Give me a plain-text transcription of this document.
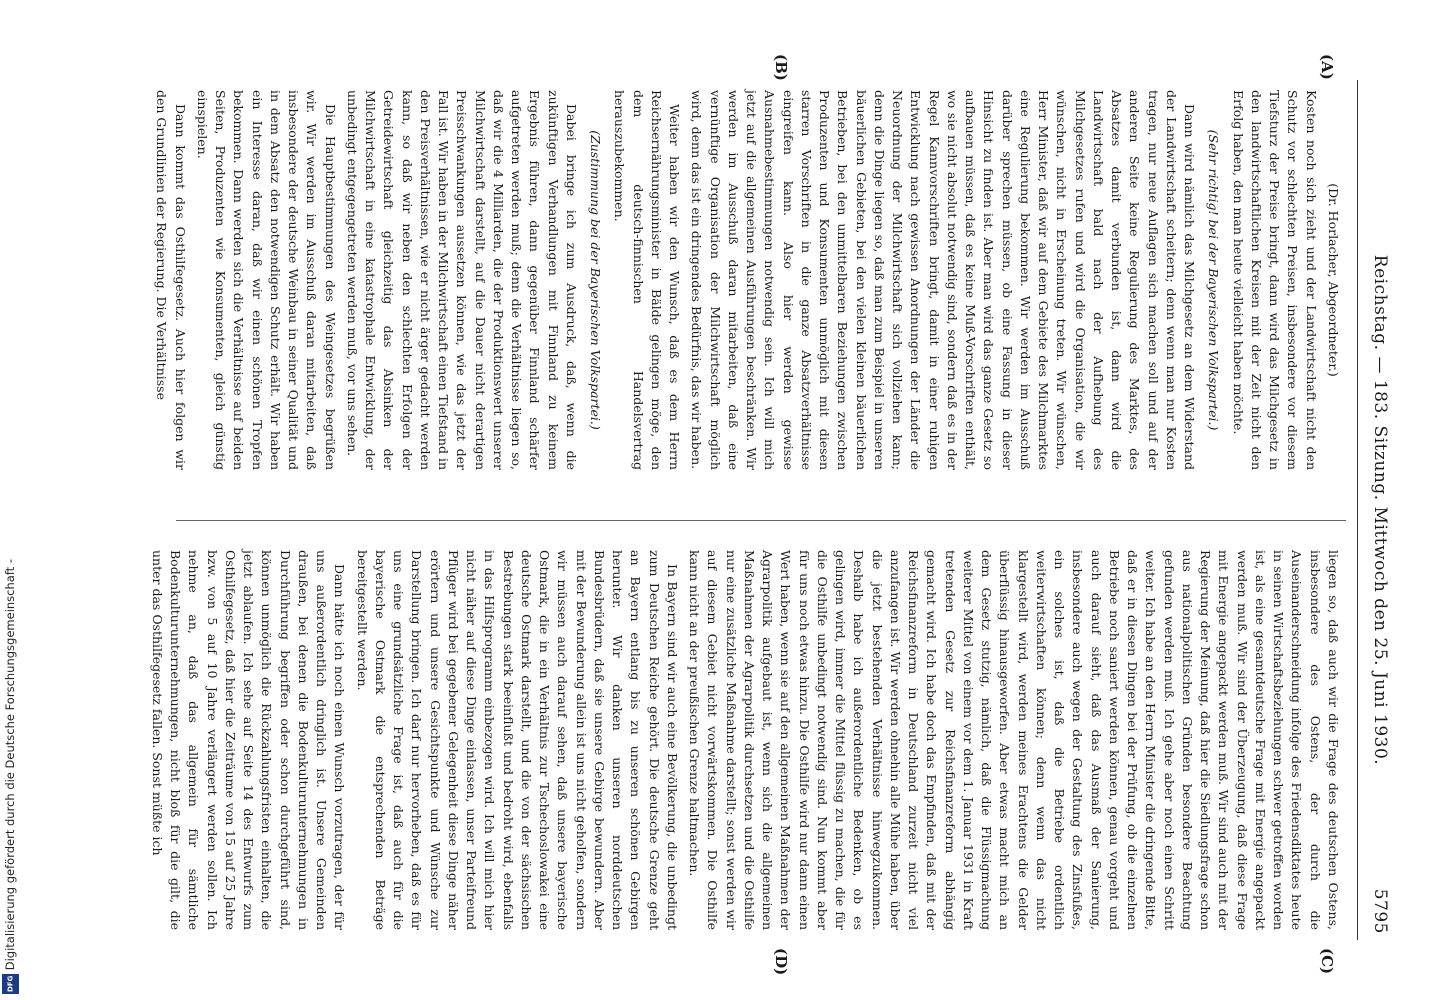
Digitalisierung gefördert durch die Deutsche Forschungsgemeinschaft -
DFG
Reichstag. — 183. Sitzung. Mittwoch den 25. Juni 1930.
5795
(A)
(B)
(C)
(D)
(Dr. Horlacher, Abgeordneter.)

Kosten noch sich zieht und der Landwirtschaft nicht den Schutz vor schlechten Preisen, insbesondere vor diesem Tiefsturz der Preise bringt, dann wird das Milchgesetz in den landwirtschaftlichen Kreisen mit der Zeit nicht den Erfolg haben, den man heute vielleicht haben möchte.

(Sehr richtig! bei der Bayerischen Volkspartei.)

Dann wird nämlich das Milchgesetz an dem Widerstand der Landwirtschaft scheitern; denn wenn man nur Kosten tragen, nur neue Auflagen sich machen soll und auf der anderen Seite keine Regulierung des Marktes, des Absatzes damit verbunden ist, dann wird die Landwirtschaft bald nach der Aufhebung des Milchgesetzes rufen und wird die Organisation, die wir wünschen, nicht in Erscheinung treten. Wir wünschen, Herr Minister, daß wir auf dem Gebiete des Milchmarktes eine Regulierung bekommen. Wir werden im Ausschuß darüber sprechen müssen, ob eine Fassung in dieser Hinsicht zu finden ist. Aber man wird das ganze Gesetz so aufbauen müssen, daß es keine Muß-Vorschriften enthält, wo sie nicht absolut notwendig sind, sondern daß es in der Regel Kannvorschriften bringt, damit in einer ruhigen Entwicklung nach gewissen Anordnungen der Länder die Neuordnung der Milchwirtschaft sich vollziehen kann; denn die Dinge liegen so, daß man zum Beispiel in unseren bäuerlichen Gebieten, bei den vielen kleinen bäuerlichen Betrieben, bei den unmittelbaren Beziehungen zwischen Produzenten und Konsumenten unmöglich mit diesen starren Vorschriften in die ganze Absatzverhältnisse eingreifen kann. Also hier werden gewisse Ausnahmebestimmungen notwendig sein. Ich will mich jetzt auf die allgemeinen Ausführungen beschränken. Wir werden im Ausschuß daran mitarbeiten, daß eine vernünftige Organisation der Milchwirtschaft möglich wird, denn das ist ein dringendes Bedürfnis, das wir haben.

Weiter haben wir den Wunsch, daß es dem Herrn Reichsernährungsminister in Bälde gelingen möge, den dem deutsch-finnischen Handelsvertrag herauszubekommen.

(Zustimmung bei der Bayerischen Volkspartei.)

Dabei bringe ich zum Ausdruck, daß, wenn die zukünftigen Verhandlungen mit Finnland zu keinem Ergebnis führen, dann gegenüber Finnland schärfer aufgetreten werden muß; denn die Verhältnisse liegen so, daß wir die 4 Milliarden, die der Produktionswert unserer Milchwirtschaft darstellt, auf die Dauer nicht derartigen Preisschwankungen aussetzen können, wie das jetzt der Fall ist. Wir haben in der Milchwirtschaft einen Tiefstand in den Preisverhältnissen, wie er nicht ärger gedacht werden kann, so daß wir neben den schlechten Erfolgen der Getreidewirtschaft gleichzeitig das Absinken der Milchwirtschaft in eine katastrophale Entwicklung, der unbedingt entgegengetreten werden muß, vor uns sehen.

Die Hauptbestimmungen des Weingesetzes begrüßen wir. Wir werden im Ausschuß daran mitarbeiten, daß insbesondere der deutsche Weinbau in seiner Qualität und in dem Absatz den notwendigen Schutz erhält. Wir haben ein Interesse daran, daß wir einen schönen Tropfen bekommen. Dann werden sich die Verhältnisse auf beiden Seiten, Produzenten wie Konsumenten, gleich günstig einspielen.

Dann kommt das Osthilfegesetz. Auch hier folgen wir den Grundlinien der Regierung. Die Verhältnisse

liegen so, daß auch wir die Frage des deutschen Ostens, insbesondere des Ostens, der durch die Auseinanderschneidung infolge des Friedensdiktates heute in seinen Wirtschaftsbeziehungen schwer getroffen worden ist, als eine gesamtdeutsche Frage mit Energie angepackt werden muß. Wir sind der Überzeugung, daß diese Frage mit Energie angepackt werden muß. Wir sind auch mit der Regierung der Meinung, daß hier die Siedlungsfrage schon aus nationalpolitischen Gründen besondere Beachtung gefunden werden muß. Ich gehe aber noch einen Schritt weiter. Ich habe an den Herrn Minister die dringende Bitte, daß er in diesen Dingen bei der Prüfung, ob die einzelnen Betriebe noch saniert werden können, genau vorgeht und auch darauf sieht, daß das Ausmaß der Sanierung, insbesondere auch wegen der Gestaltung des Zinsfußes, ein solches ist, daß die Betriebe ordentlich weiterwirtschaften können; denn wenn das nicht klargestellt wird, werden meines Erachtens die Gelder überflüssig hinausgeworfen. Aber etwas macht mich an dem Gesetz stutzig, nämlich, daß die Flüssigmachung weiterer Mittel von einem vor dem 1. Januar 1931 in Kraft tretenden Gesetz zur Reichsfinanzreform abhängig gemacht wird. Ich habe doch das Empfinden, daß mit der Reichsfinanzreform in Deutschland zurzeit nicht viel anzufangen ist. Wir werden ohnehin alle Mühe haben, über die jetzt bestehenden Verhältnisse hinwegzukommen. Deshalb habe ich außerordentliche Bedenken, ob es gelingen wird, immer die Mittel flüssig zu machen, die für die Osthilfe unbedingt notwendig sind. Nun kommt aber für uns noch etwas hinzu. Die Osthilfe wird nur dann einen Wert haben, wenn sie auf den allgemeinen Maßnahmen der Agrarpolitik aufgebaut ist, wenn sich die allgemeinen Maßnahmen der Agrarpolitik durchsetzen und die Osthilfe nur eine zusätzliche Maßnahme darstellt; sonst werden wir auf diesem Gebiet nicht vorwärtskommen. Die Osthilfe kann nicht an der preußischen Grenze haltmachen.

In Bayern sind wir auch eine Bevölkerung, die unbedingt zum Deutschen Reiche gehört. Die deutsche Grenze geht an Bayern entlang bis zu unseren schönen Gebirgen herunter. Wir danken unseren norddeutschen Bundesbrüdern, daß sie unsere Gebirge bewundern. Aber mit der Bewunderung allein ist uns nicht geholfen, sondern wir müssen auch darauf sehen, daß unsere bayerische Ostmark, die in ein Verhältnis zur Tschechoslowakei eine deutsche Ostmark darstellt, und die von der sächsischen Bestrebungen stark beeinflußt und bedroht wird, ebenfalls in das Hilfsprogramm einbezogen wird. Ich will mich hier nicht näher auf diese Dinge einlassen, unser Parteifreund Pflüger wird bei gegebener Gelegenheit diese Dinge näher erörtern und unsere Gesichtspunkte und Wünsche zur Darstellung bringen. Ich darf nur hervorheben, daß es für uns eine grundsätzliche Frage ist, daß auch für die bayerische Ostmark die entsprechenden Beträge bereitgestellt werden.

Dann hätte ich noch einen Wunsch vorzutragen, der für uns außerordentlich dringlich ist. Unsere Gemeinden draußen, bei denen die Bodenkulturunternehmungen in Durchführung begriffen oder schon durchgeführt sind, können unmöglich die Rückzahlungsfristen einhalten, die jetzt ablaufen. Ich sehe auf Seite 14 des Entwurfs zum Osthilfegesetz, daß hier die Zeiträume von 15 auf 25 Jahre bzw. von 5 auf 10 Jahre verlängert werden sollen. Ich nehme an, daß das allgemein für sämtliche Bodenkulturunternehmungen, nicht bloß für die gilt, die unter das Osthilfegesetz fallen. Sonst müßte ich
